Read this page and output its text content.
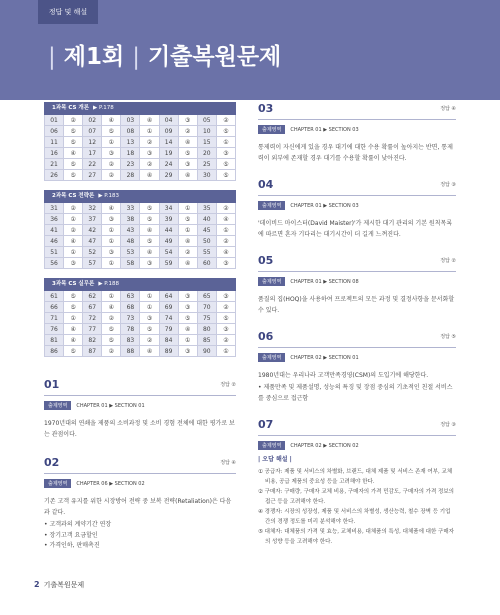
정답 및 해설
| 제1회 | 기출복원문제
1과목 CS 개론 ▶ P.178
01	②	02	④	03	④	04	③	05	②
06	⑤	07	⑤	08	①	09	②	10	⑤
11	⑤	12	①	13	②	14	④	15	①
16	④	17	③	18	③	19	⑤	20	③
21	⑤	22	②	23	②	24	③	25	⑤
26	⑤	27	②	28	④	29	④	30	⑤
2과목 CS 전략론 ▶ P.183
31	②	32	④	33	⑤	34	①	35	②
36	①	37	③	38	⑤	39	⑤	40	④
41	②	42	①	43	④	44	①	45	①
46	④	47	①	48	⑤	49	④	50	②
51	①	52	③	53	④	54	②	55	④
56	③	57	①	58	③	59	④	60	③
3과목 CS 실무론 ▶ P.188
61	⑤	62	①	63	①	64	③	65	③
66	⑤	67	④	68	①	69	③	70	②
71	①	72	②	73	③	74	⑤	75	⑤
76	④	77	⑤	78	⑤	79	④	80	③
81	④	82	⑤	83	②	84	①	85	②
86	⑤	87	②	88	④	89	③	90	①
01	정답 ②
출제영역	CHAPTER 01 ▶ SECTION 01
1970년대의 연쇄을 제품의 소비과정 및 소비 경험 전체에 대한 평가로 보는 관점이다.
02	정답 ④
출제영역	CHAPTER 06 ▶ SECTION 02
기존 고객 유지를 위한 시장방어 전략 중 보복 전략(Retaliation)은 다음과 같다.
• 고객과의 계약기간 연장
• 장기고객 요금할인
• 가격인하, 판매촉진
03	정답 ④
출제영역	CHAPTER 01 ▶ SECTION 03
통제력이 자신에게 있을 경우 대기에 대한 수용 확률이 높아지는 반면, 통제력이 외부에 존재할 경우 대기를 수용할 확률이 낮아진다.
04	정답 ③
출제영역	CHAPTER 01 ▶ SECTION 03
'데이비드 마이스터(David Maister)'가 제시한 대기 관리의 기본 원칙목록에 따르면 혼자 기다리는 대기시간이 더 길게 느껴진다.
05	정답 ②
출제영역	CHAPTER 01 ▶ SECTION 08
품질의 집(HOQ)을 사용하여 프로젝트의 모든 과정 및 결정사항을 문서화할 수 있다.
06	정답 ⑤
출제영역	CHAPTER 02 ▶ SECTION 01
1980년대는 우리나라 고객만족경영(CSM)의 도입기에 해당한다.
• 제품만족 및 제품설명, 성능의 특징 및 장점 중심의 기초적인 친절 서비스를 중심으로 접근함
07	정답 ③
출제영역	CHAPTER 02 ▶ SECTION 02
| 오답 해설 |
① 공급자: 제품 및 서비스의 차별화, 브랜드, 대체 제품 및 서비스 존재 여부, 교체비용, 공급 제품의 중요성 등을 고려해야 한다.
② 구매자: 구매량, 구매자 교체 비용, 구매자의 가격 민감도, 구매자의 가격 정보의 접근 등을 고려해야 한다.
④ 경쟁자: 시장의 성장성, 제품 및 서비스의 차별성, 생산능력, 철수 장벽 등 기업 간의 경쟁 정도를 미리 분석해야 한다.
⑤ 대체자: 대체품의 가격 및 효능, 교체비용, 대체품의 특성, 대체품에 대한 구매자의 성향 등을 고려해야 한다.
2 기출복원문제
